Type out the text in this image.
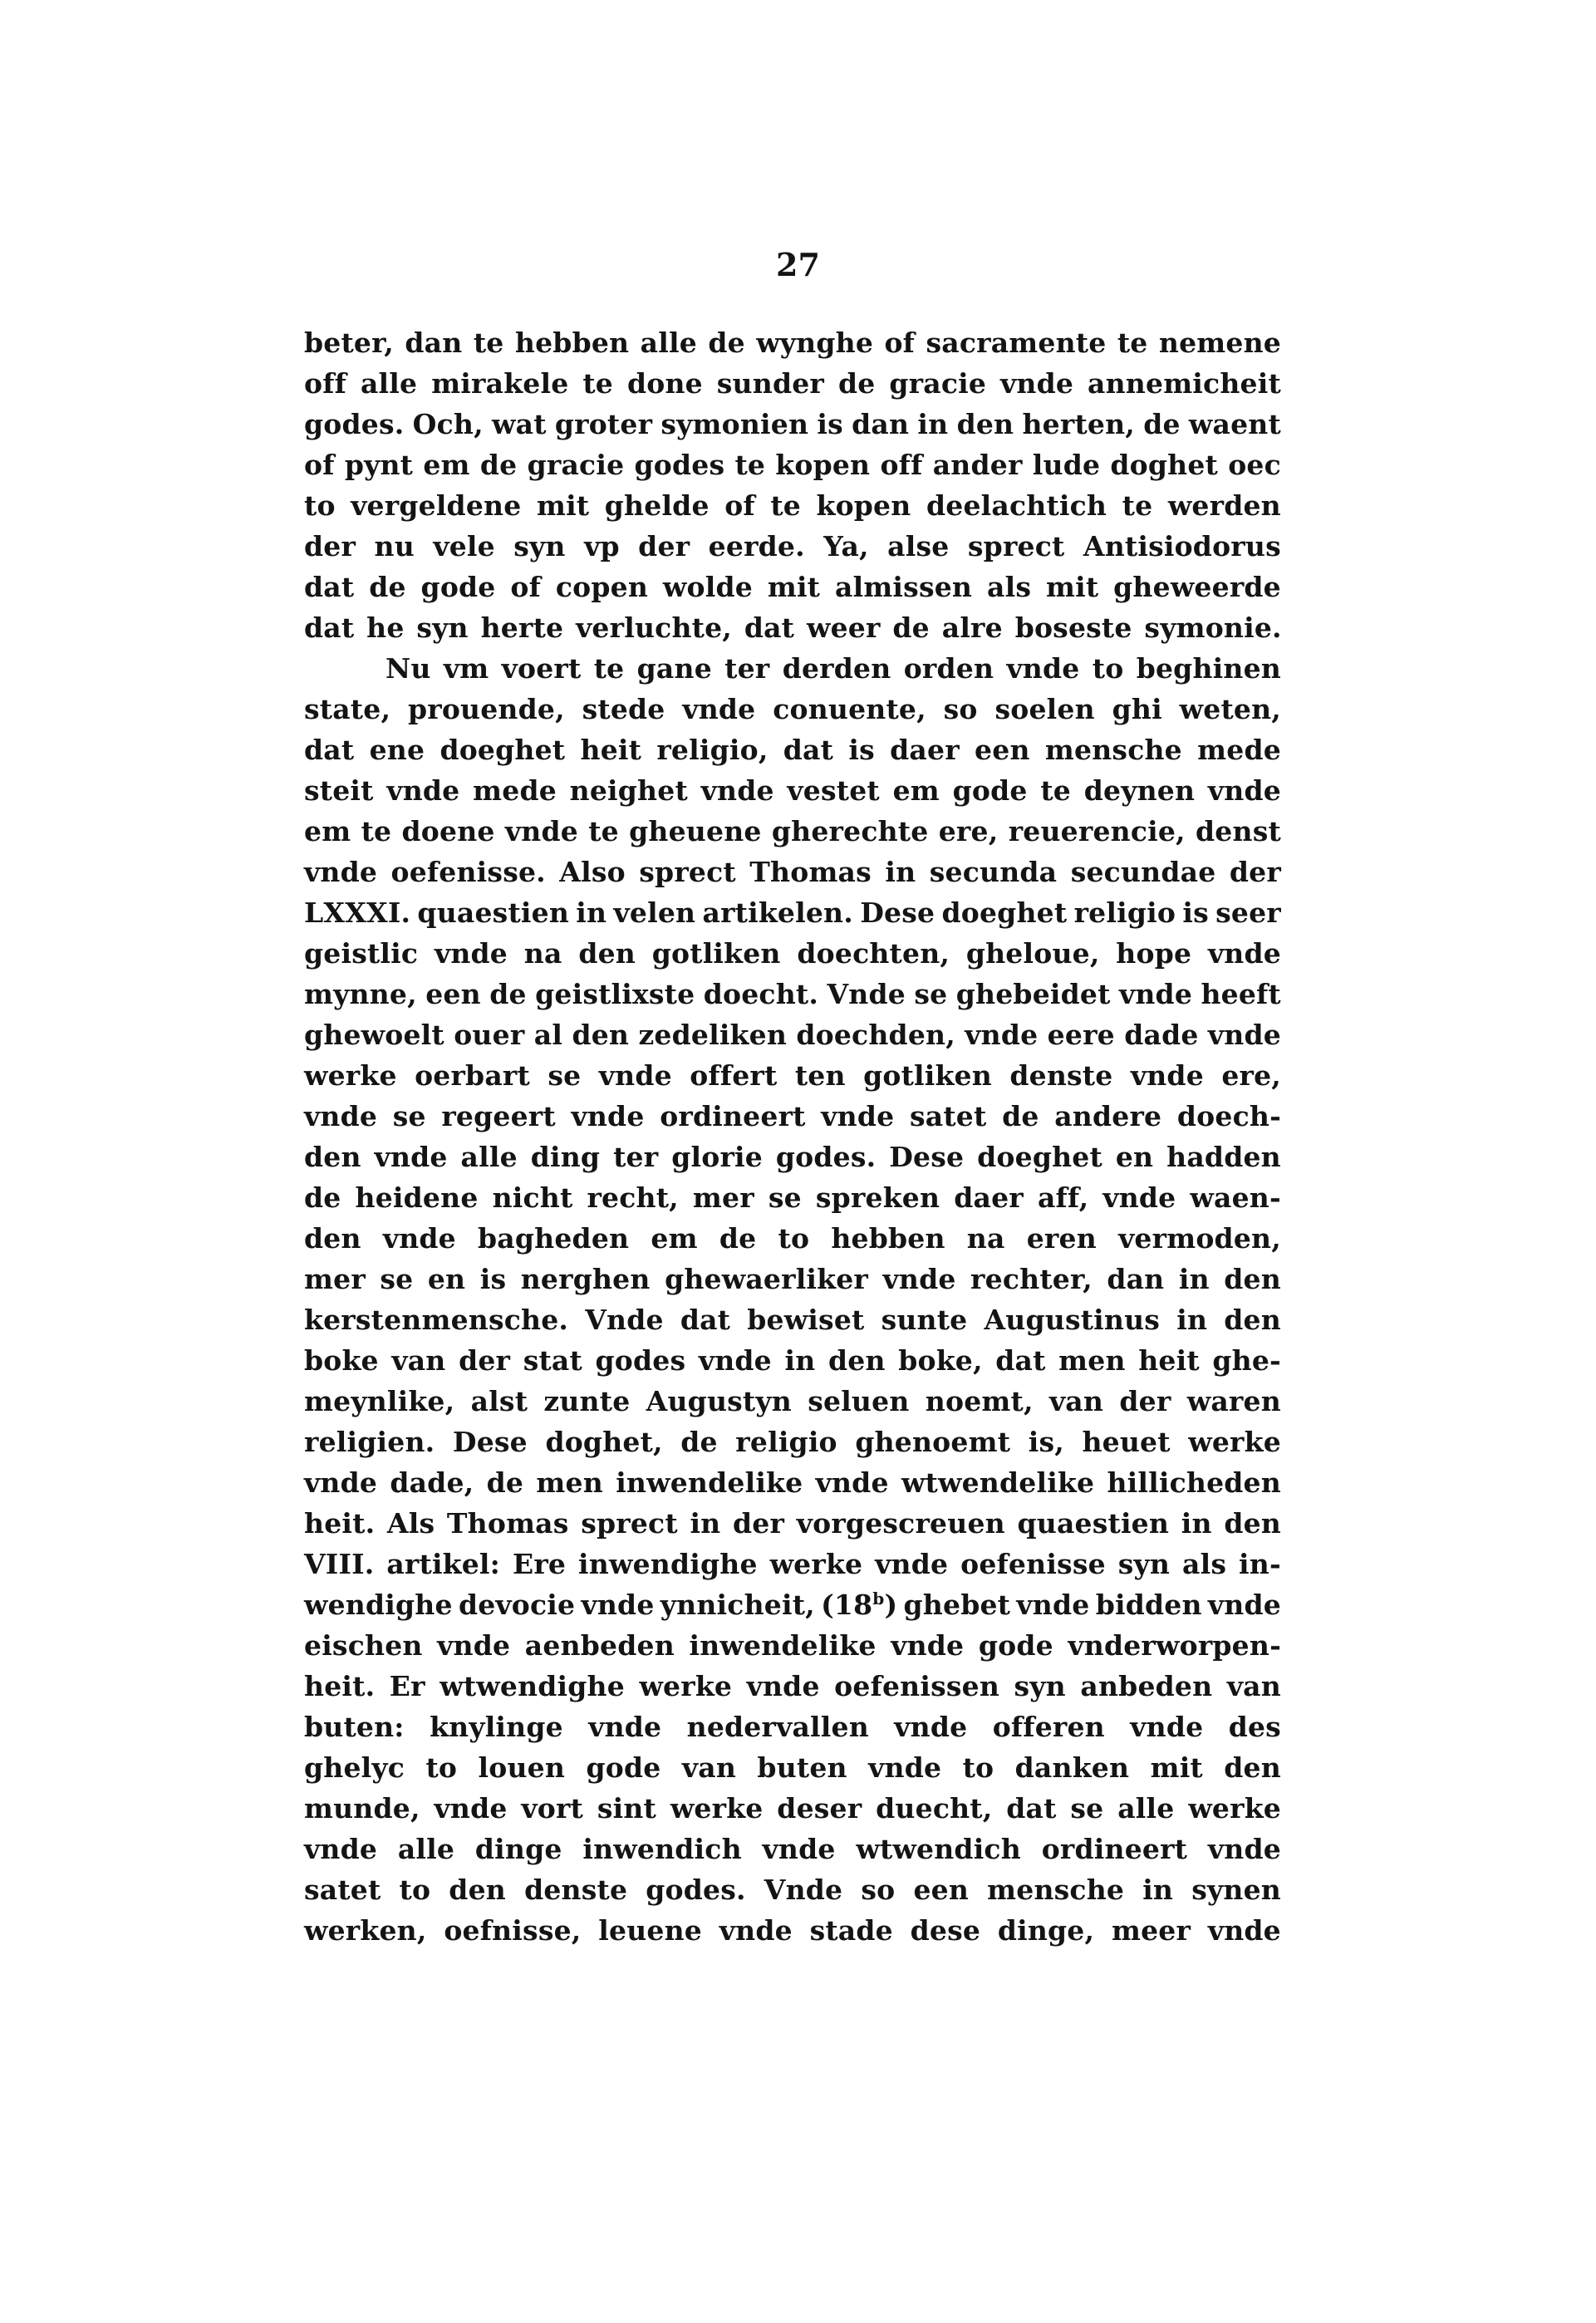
27
beter, dan te hebben alle de wynghe of sacramente te nemene
off alle mirakele te done sunder de gracie vnde annemicheit
godes. Och, wat groter symonien is dan in den herten, de waent
of pynt em de gracie godes te kopen off ander lude doghet oec
to vergeldene mit ghelde of te kopen deelachtich te werden
der nu vele syn vp der eerde. Ya, alse sprect Antisiodorus
dat de gode of copen wolde mit almissen als mit gheweerde
dat he syn herte verluchte, dat weer de alre boseste symonie.
Nu vm voert te gane ter derden orden vnde to beghinen
state, prouende, stede vnde conuente, so soelen ghi weten,
dat ene doeghet heit religio, dat is daer een mensche mede
steit vnde mede neighet vnde vestet em gode te deynen vnde
em te doene vnde te gheuene gherechte ere, reuerencie, denst
vnde oefenisse. Also sprect Thomas in secunda secundae der
LXXXI. quaestien in velen artikelen. Dese doeghet religio is seer
geistlic vnde na den gotliken doechten, gheloue, hope vnde
mynne, een de geistlixste doecht. Vnde se ghebeidet vnde heeft
ghewoelt ouer al den zedeliken doechden, vnde eere dade vnde
werke oerbart se vnde offert ten gotliken denste vnde ere,
vnde se regeert vnde ordineert vnde satet de andere doech-
den vnde alle ding ter glorie godes. Dese doeghet en hadden
de heidene nicht recht, mer se spreken daer aff, vnde waen-
den vnde bagheden em de to hebben na eren vermoden,
mer se en is nerghen ghewaerliker vnde rechter, dan in den
kerstenmensche. Vnde dat bewiset sunte Augustinus in den
boke van der stat godes vnde in den boke, dat men heit ghe-
meynlike, alst zunte Augustyn seluen noemt, van der waren
religien. Dese doghet, de religio ghenoemt is, heuet werke
vnde dade, de men inwendelike vnde wtwendelike hillicheden
heit. Als Thomas sprect in der vorgescreuen quaestien in den
VIII. artikel: Ere inwendighe werke vnde oefenisse syn als in-
wendighe devocie vnde ynnicheit, (18$^b$) ghebet vnde bidden vnde
eischen vnde aenbeden inwendelike vnde gode vnderworpen-
heit. Er wtwendighe werke vnde oefenissen syn anbeden van
buten: knylinge vnde nedervallen vnde offeren vnde des
ghelyc to louen gode van buten vnde to danken mit den
munde, vnde vort sint werke deser duecht, dat se alle werke
vnde alle dinge inwendich vnde wtwendich ordineert vnde
satet to den denste godes. Vnde so een mensche in synen
werken, oefnisse, leuene vnde stade dese dinge, meer vnde
